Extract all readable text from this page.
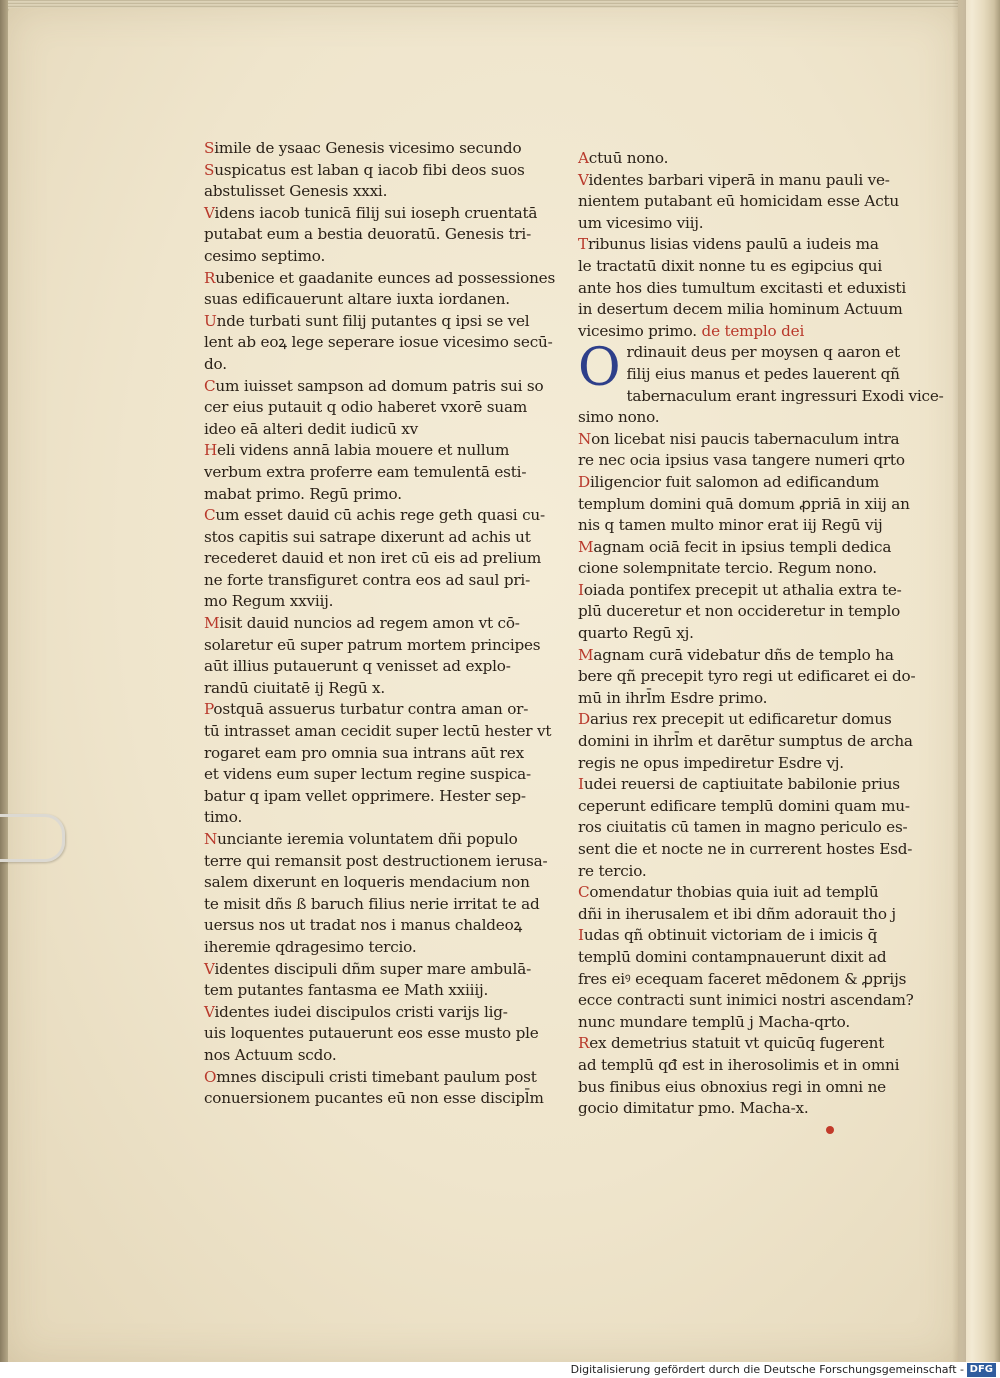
Simile de ysaac Genesis vicesimo secundo
Suspicatus est laban q iacob fibi deos suos
abstulisset Genesis xxxi.
Videns iacob tunicā filij sui ioseph cruentatā
putabat eum a bestia deuoratū. Genesis tri-
cesimo septimo.
Rubenice et gaadanite eunces ad possessiones
suas edificauerunt altare iuxta iordanen.
Unde turbati sunt filij putantes q ipsi se vel
lent ab eoꝝ lege seperare iosue vicesimo secū-
do.
Cum iuisset sampson ad domum patris sui so
cer eius putauit q odio haberet vxorē suam
ideo eā alteri dedit iudicū xv
Heli videns annā labia mouere et nullum
verbum extra proferre eam temulentā esti-
mabat primo. Regū primo.
Cum esset dauid cū achis rege geth quasi cu-
stos capitis sui satrape dixerunt ad achis ut
recederet dauid et non iret cū eis ad prelium
ne forte transfiguret contra eos ad saul pri-
mo Regum xxviij.
Misit dauid nuncios ad regem amon vt cō-
solaretur eū super patrum mortem principes
aūt illius putauerunt q venisset ad explo-
randū ciuitatē ij Regū x.
Postquā assuerus turbatur contra aman or-
tū intrasset aman cecidit super lectū hester vt
rogaret eam pro omnia sua intrans aūt rex
et videns eum super lectum regine suspica-
batur q ipam vellet opprimere. Hester sep-
timo.
Nunciante ieremia voluntatem dñi populo
terre qui remansit post destructionem ierusa-
salem dixerunt en loqueris mendacium non
te misit dñs ß baruch filius nerie irritat te ad
uersus nos ut tradat nos i manus chaldeoꝝ
iheremie qdragesimo tercio.
Videntes discipuli dñm super mare ambulā-
tem putantes fantasma ee Math xxiiij.
Videntes iudei discipulos cristi varijs lig-
uis loquentes putauerunt eos esse musto ple
nos Actuum scdo.
Omnes discipuli cristi timebant paulum post
conuersionem pucantes eū non esse discipl̄m
Actuū nono.
Videntes barbari viperā in manu pauli ve-
nientem putabant eū homicidam esse Actu
um vicesimo viij.
Tribunus lisias videns paulū a iudeis ma
le tractatū dixit nonne tu es egipcius qui
ante hos dies tumultum excitasti et eduxisti
in desertum decem milia hominum Actuum
vicesimo primo. de templo dei
O rdinauit deus per moysen q aaron et
filij eius manus et pedes lauerent qñ
tabernaculum erant ingressuri Exodi vice-
simo nono.
Non licebat nisi paucis tabernaculum intra
re nec ocia ipsius vasa tangere numeri qrto
Diligencior fuit salomon ad edificandum
templum domini quā domum ꝓpriā in xiij an
nis q tamen multo minor erat iij Regū vij
Magnam ociā fecit in ipsius templi dedica
cione solempnitate tercio. Regum nono.
Ioiada pontifex precepit ut athalia extra te-
plū duceretur et non occideretur in templo
quarto Regū xj.
Magnam curā videbatur dñs de templo ha
bere qñ precepit tyro regi ut edificaret ei do-
mū in ihrl̄m Esdre primo.
Darius rex precepit ut edificaretur domus
domini in ihrl̄m et darētur sumptus de archa
regis ne opus impediretur Esdre vj.
Iudei reuersi de captiuitate babilonie prius
ceperunt edificare templū domini quam mu-
ros ciuitatis cū tamen in magno periculo es-
sent die et nocte ne in currerent hostes Esd-
re tercio.
Comendatur thobias quia iuit ad templū
dñi in iherusalem et ibi dñm adorauit tho j
Iudas qñ obtinuit victoriam de i imicis q̄
templū domini contampnauerunt dixit ad
fres eiꝰ ecequam faceret mēdonem & ꝓprijs
ecce contracti sunt inimici nostri ascendam?
nunc mundare templū j Macha-qrto.
Rex demetrius statuit vt quicūq fugerent
ad templū qđ est in iherosolimis et in omni
bus finibus eius obnoxius regi in omni ne
gocio dimitatur pmo. Macha-x.
Digitalisierung gefördert durch die Deutsche Forschungsgemeinschaft - DFG
